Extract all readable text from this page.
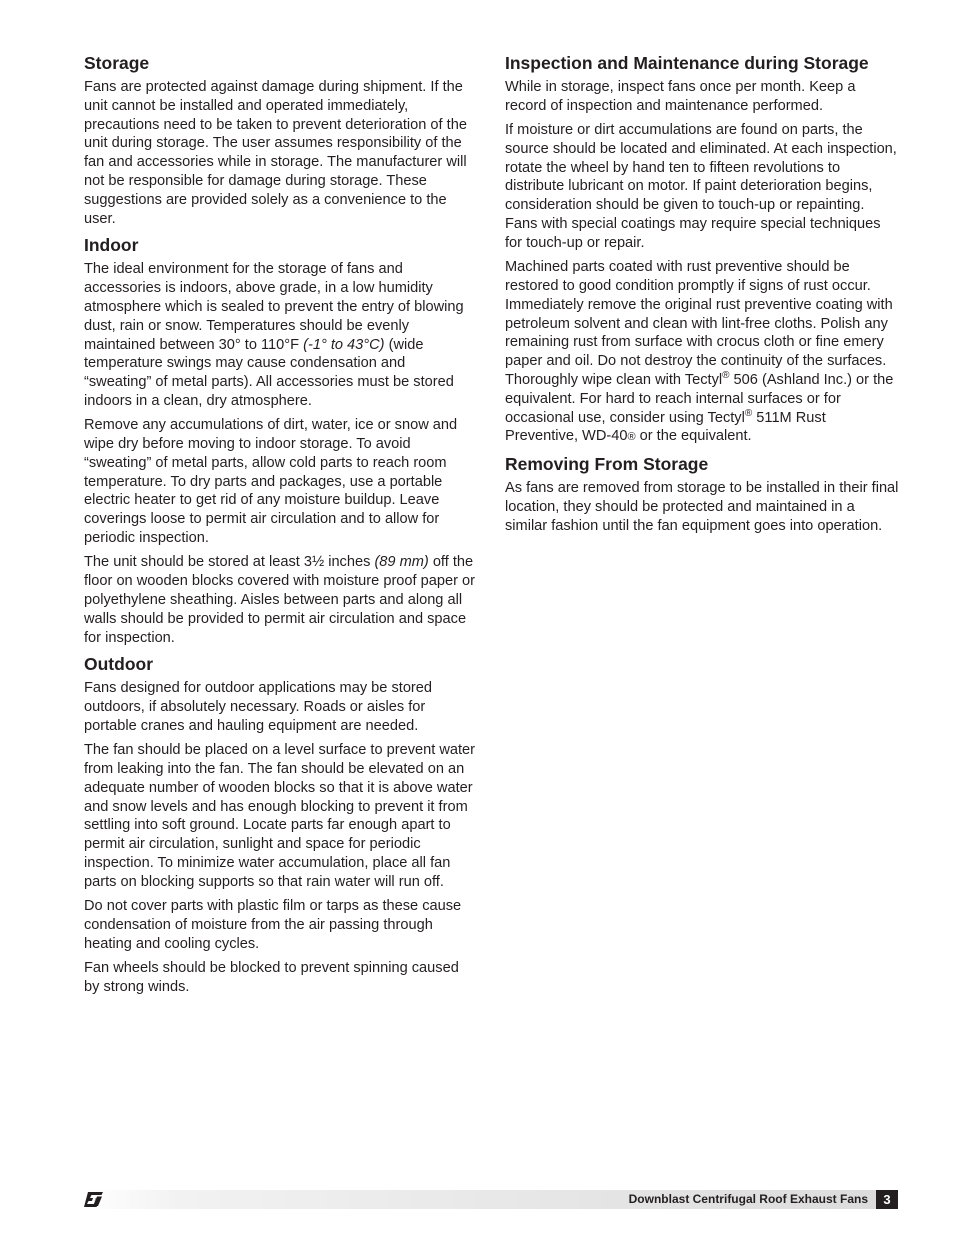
Storage

Fans are protected against damage during shipment. If the unit cannot be installed and operated immediately, precautions need to be taken to prevent deterioration of the unit during storage. The user assumes responsibility of the fan and accessories while in storage. The manufacturer will not be responsible for damage during storage. These suggestions are provided solely as a convenience to the user.

Indoor

The ideal environment for the storage of fans and accessories is indoors, above grade, in a low humidity atmosphere which is sealed to prevent the entry of blowing dust, rain or snow. Temperatures should be evenly maintained between 30° to 110°F (-1° to 43°C) (wide temperature swings may cause condensation and “sweating” of metal parts). All accessories must be stored indoors in a clean, dry atmosphere.

Remove any accumulations of dirt, water, ice or snow and wipe dry before moving to indoor storage. To avoid “sweating” of metal parts, allow cold parts to reach room temperature. To dry parts and packages, use a portable electric heater to get rid of any moisture buildup. Leave coverings loose to permit air circulation and to allow for periodic inspection.

The unit should be stored at least 3½ inches (89 mm) off the floor on wooden blocks covered with moisture proof paper or polyethylene sheathing. Aisles between parts and along all walls should be provided to permit air circulation and space for inspection.

Outdoor

Fans designed for outdoor applications may be stored outdoors, if absolutely necessary. Roads or aisles for portable cranes and hauling equipment are needed.

The fan should be placed on a level surface to prevent water from leaking into the fan. The fan should be elevated on an adequate number of wooden blocks so that it is above water and snow levels and has enough blocking to prevent it from settling into soft ground. Locate parts far enough apart to permit air circulation, sunlight and space for periodic inspection. To minimize water accumulation, place all fan parts on blocking supports so that rain water will run off.

Do not cover parts with plastic film or tarps as these cause condensation of moisture from the air passing through heating and cooling cycles.

Fan wheels should be blocked to prevent spinning caused by strong winds.

Inspection and Maintenance during Storage

While in storage, inspect fans once per month. Keep a record of inspection and maintenance performed.

If moisture or dirt accumulations are found on parts, the source should be located and eliminated. At each inspection, rotate the wheel by hand ten to fifteen revolutions to distribute lubricant on motor. If paint deterioration begins, consideration should be given to touch-up or repainting. Fans with special coatings may require special techniques for touch-up or repair.

Machined parts coated with rust preventive should be restored to good condition promptly if signs of rust occur. Immediately remove the original rust preventive coating with petroleum solvent and clean with lint-free cloths. Polish any remaining rust from surface with crocus cloth or fine emery paper and oil. Do not destroy the continuity of the surfaces. Thoroughly wipe clean with Tectyl® 506 (Ashland Inc.) or the equivalent. For hard to reach internal surfaces or for occasional use, consider using Tectyl® 511M Rust Preventive, WD-40® or the equivalent.

Removing From Storage

As fans are removed from storage to be installed in their final location, they should be protected and maintained in a similar fashion until the fan equipment goes into operation.

Downblast Centrifugal Roof Exhaust Fans	3
